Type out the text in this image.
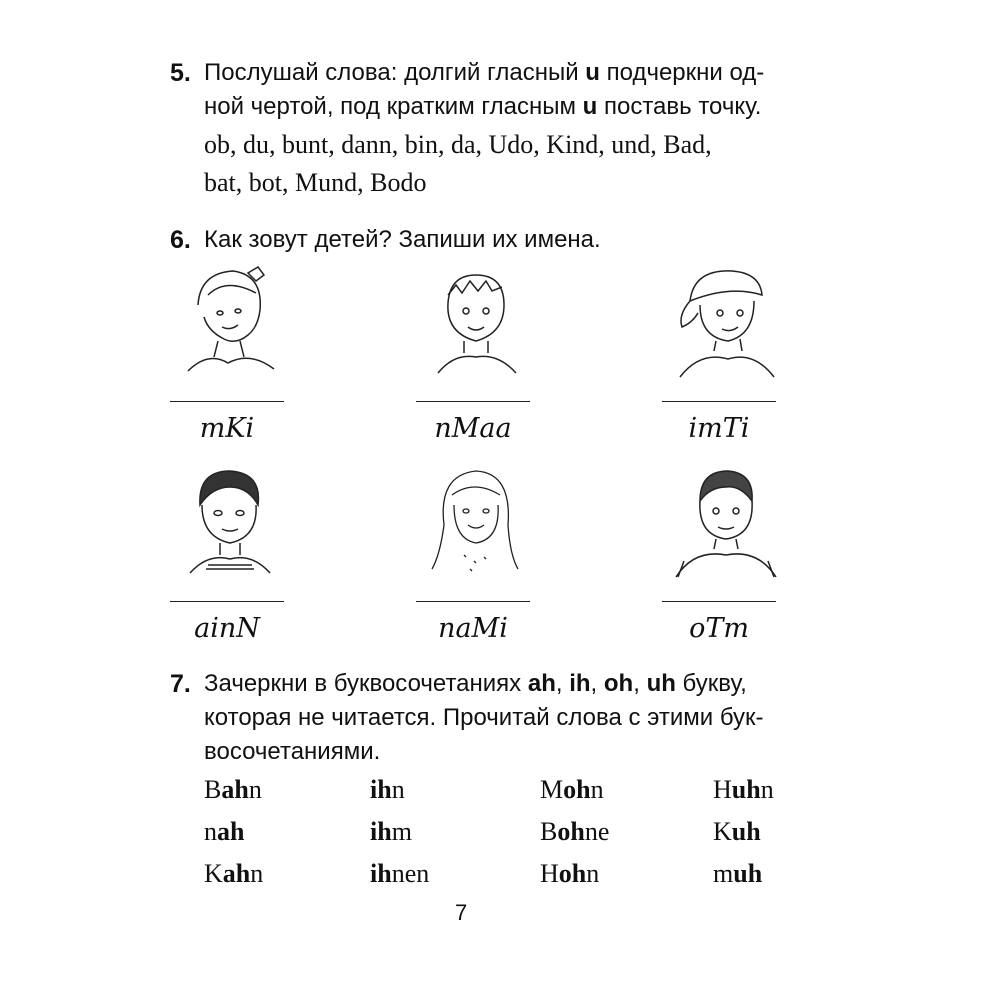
5. Послушай слова: долгий гласный u подчеркни од-
ной чертой, под кратким гласным u поставь точку.
ob, du, bunt, dann, bin, da, Udo, Kind, und, Bad,
bat, bot, Mund, Bodo
6. Как зовут детей? Запиши их имена.
mKi	nMaa	imTi
ainN	naMi	oTm
7. Зачеркни в буквосочетаниях ah, ih, oh, uh букву,
которая не читается. Прочитай слова с этими бук-
восочетаниями.
Bahn	ihn	Mohn	Huhn
nah	ihm	Bohne	Kuh
Kahn	ihnen	Hohn	muh
7
